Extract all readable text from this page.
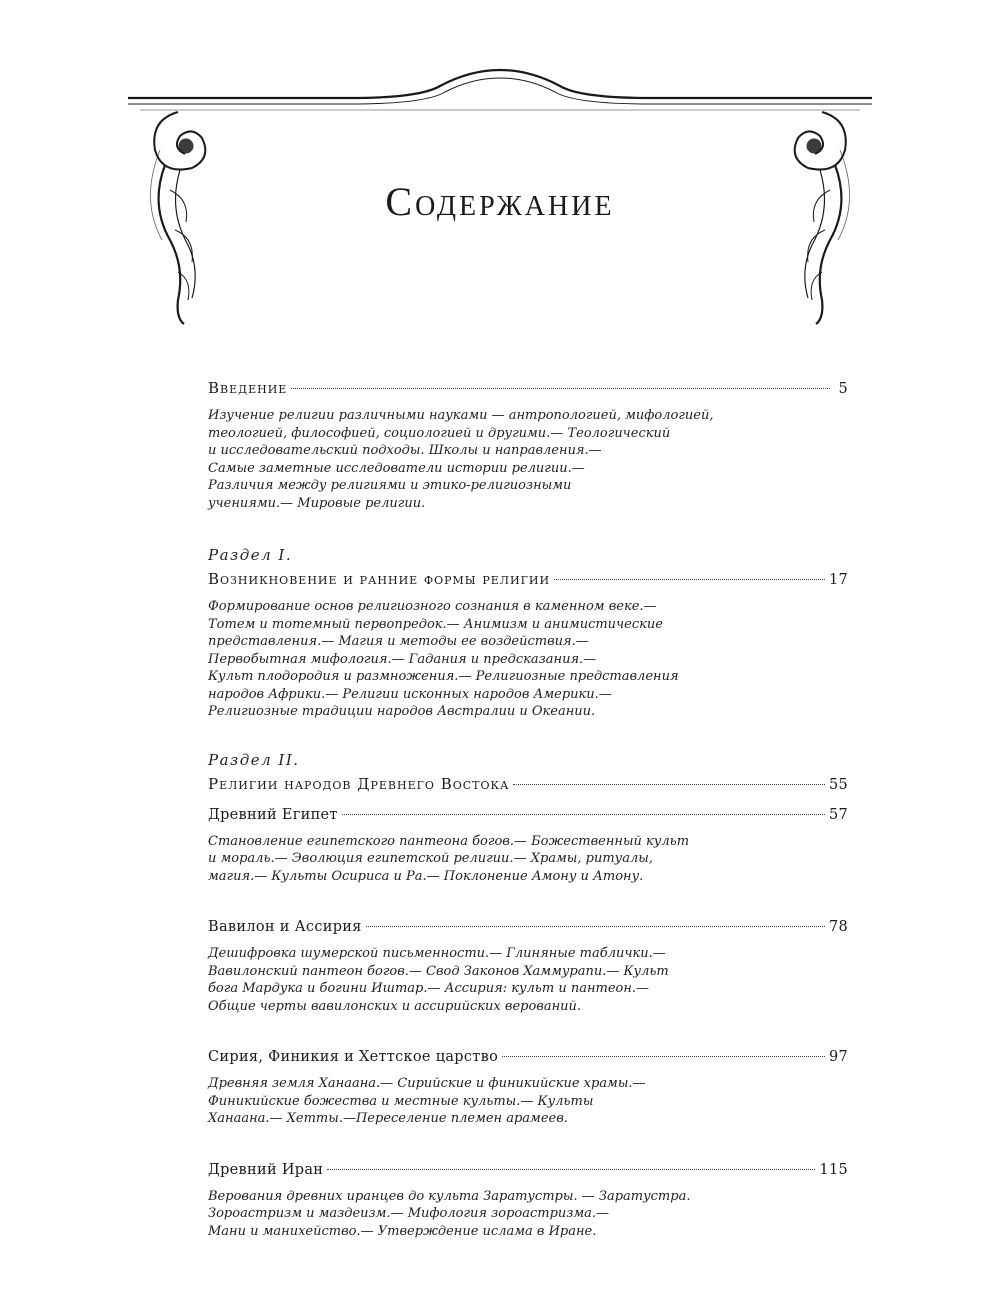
Содержание
Введение	5
Изучение религии различными науками — антропологией, мифологией,
теологией, философией, социологией и другими.— Теологический
и исследовательский подходы. Школы и направления.—
Самые заметные исследователи истории религии.—
Различия между религиями и этико-религиозными
учениями.— Мировые религии.
Раздел I.
Возникновение и ранние формы религии	17
Формирование основ религиозного сознания в каменном веке.—
Тотем и тотемный первопредок.— Анимизм и анимистические
представления.— Магия и методы ее воздействия.—
Первобытная мифология.— Гадания и предсказания.—
Культ плодородия и размножения.— Религиозные представления
народов Африки.— Религии исконных народов Америки.—
Религиозные традиции народов Австралии и Океании.
Раздел II.
Религии народов Древнего Востока	55
Древний Египет	57
Становление египетского пантеона богов.— Божественный культ
и мораль.— Эволюция египетской религии.— Храмы, ритуалы,
магия.— Культы Осириса и Ра.— Поклонение Амону и Атону.
Вавилон и Ассирия	78
Дешифровка шумерской письменности.— Глиняные таблички.—
Вавилонский пантеон богов.— Свод Законов Хаммурапи.— Культ
бога Мардука и богини Иштар.— Ассирия: культ и пантеон.—
Общие черты вавилонских и ассирийских верований.
Сирия, Финикия и Хеттское царство	97
Древняя земля Ханаана.— Сирийские и финикийские храмы.—
Финикийские божества и местные культы.— Культы
Ханаана.— Хетты.—Переселение племен арамеев.
Древний Иран	115
Верования древних иранцев до культа Заратустры. — Заратустра.
Зороастризм и маздеизм.— Мифология зороастризма.—
Мани и манихейство.— Утверждение ислама в Иране.
